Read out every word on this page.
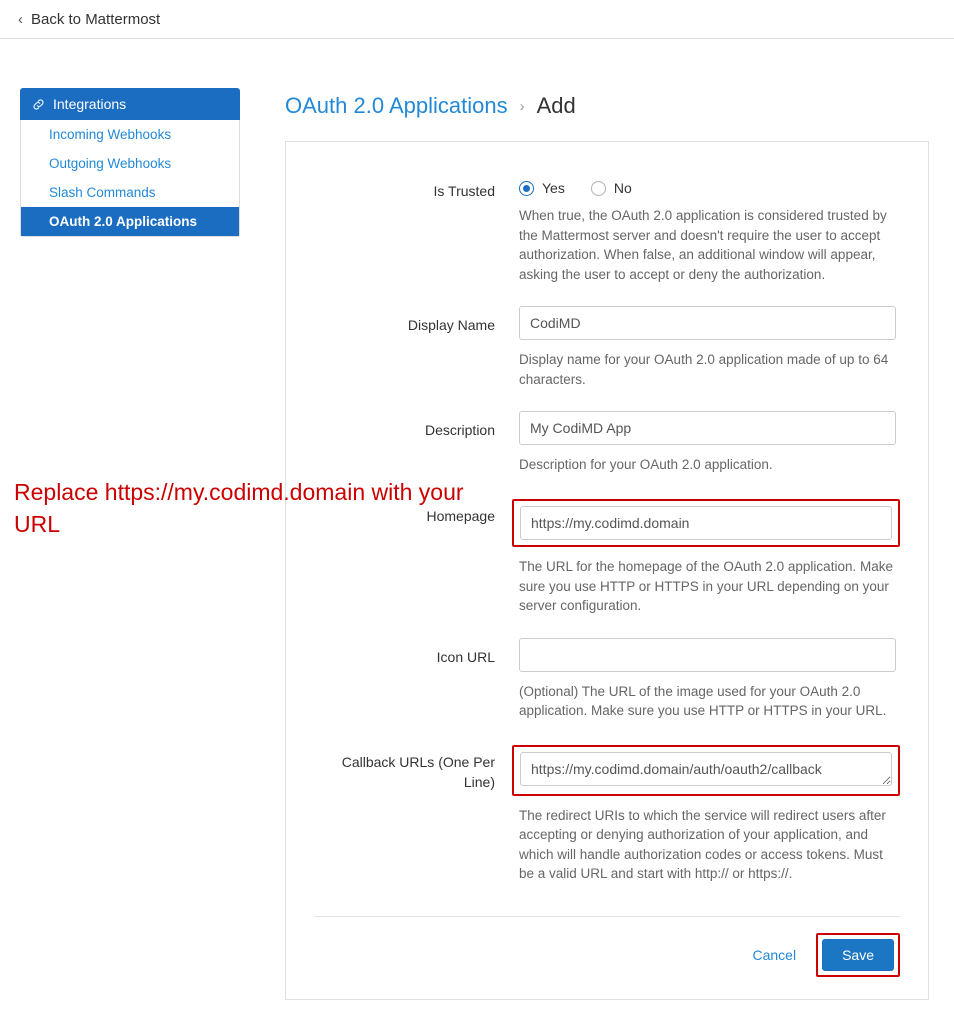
‹ Back to Mattermost
Integrations
Incoming Webhooks
Outgoing Webhooks
Slash Commands
OAuth 2.0 Applications
OAuth 2.0 Applications › Add
Is Trusted	Yes	No
When true, the OAuth 2.0 application is considered trusted by the Mattermost server and doesn't require the user to accept authorization. When false, an additional window will appear, asking the user to accept or deny the authorization.
Display Name
CodiMD
Display name for your OAuth 2.0 application made of up to 64 characters.
Description
My CodiMD App
Description for your OAuth 2.0 application.
Homepage
https://my.codimd.domain
The URL for the homepage of the OAuth 2.0 application. Make sure you use HTTP or HTTPS in your URL depending on your server configuration.
Icon URL
(Optional) The URL of the image used for your OAuth 2.0 application. Make sure you use HTTP or HTTPS in your URL.
Callback URLs (One Per Line)
https://my.codimd.domain/auth/oauth2/callback
The redirect URIs to which the service will redirect users after accepting or denying authorization of your application, and which will handle authorization codes or access tokens. Must be a valid URL and start with http:// or https://.
Cancel	Save
Replace https://my.codimd.domain with your URL
